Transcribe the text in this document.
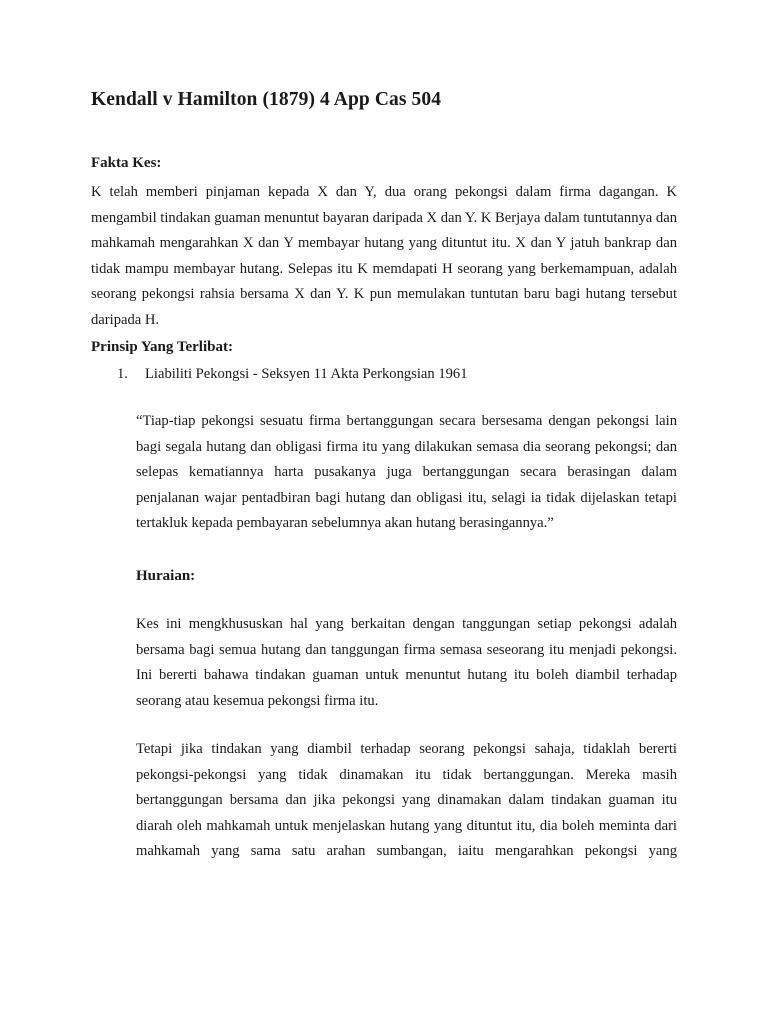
Kendall v Hamilton (1879) 4 App Cas 504
Fakta Kes:

K telah memberi pinjaman kepada X dan Y, dua orang pekongsi dalam firma dagangan. K mengambil tindakan guaman menuntut bayaran daripada X dan Y. K Berjaya dalam tuntutannya dan mahkamah mengarahkan X dan Y membayar hutang yang dituntut itu. X dan Y jatuh bankrap dan tidak mampu membayar hutang. Selepas itu K memdapati H seorang yang berkemampuan, adalah seorang pekongsi rahsia bersama X dan Y. K pun memulakan tuntutan baru bagi hutang tersebut daripada H.

Prinsip Yang Terlibat:
1. Liabiliti Pekongsi - Seksyen 11 Akta Perkongsian 1961

“Tiap-tiap pekongsi sesuatu firma bertanggungan secara bersesama dengan pekongsi lain bagi segala hutang dan obligasi firma itu yang dilakukan semasa dia seorang pekongsi; dan selepas kematiannya harta pusakanya juga bertanggungan secara berasingan dalam penjalanan wajar pentadbiran bagi hutang dan obligasi itu, selagi ia tidak dijelaskan tetapi tertakluk kepada pembayaran sebelumnya akan hutang berasingannya.”

Huraian:

Kes ini mengkhususkan hal yang berkaitan dengan tanggungan setiap pekongsi adalah bersama bagi semua hutang dan tanggungan firma semasa seseorang itu menjadi pekongsi. Ini bererti bahawa tindakan guaman untuk menuntut hutang itu boleh diambil terhadap seorang atau kesemua pekongsi firma itu.

Tetapi jika tindakan yang diambil terhadap seorang pekongsi sahaja, tidaklah bererti pekongsi-pekongsi yang tidak dinamakan itu tidak bertanggungan. Mereka masih bertanggungan bersama dan jika pekongsi yang dinamakan dalam tindakan guaman itu diarah oleh mahkamah untuk menjelaskan hutang yang dituntut itu, dia boleh meminta dari mahkamah yang sama satu arahan sumbangan, iaitu mengarahkan pekongsi yang
